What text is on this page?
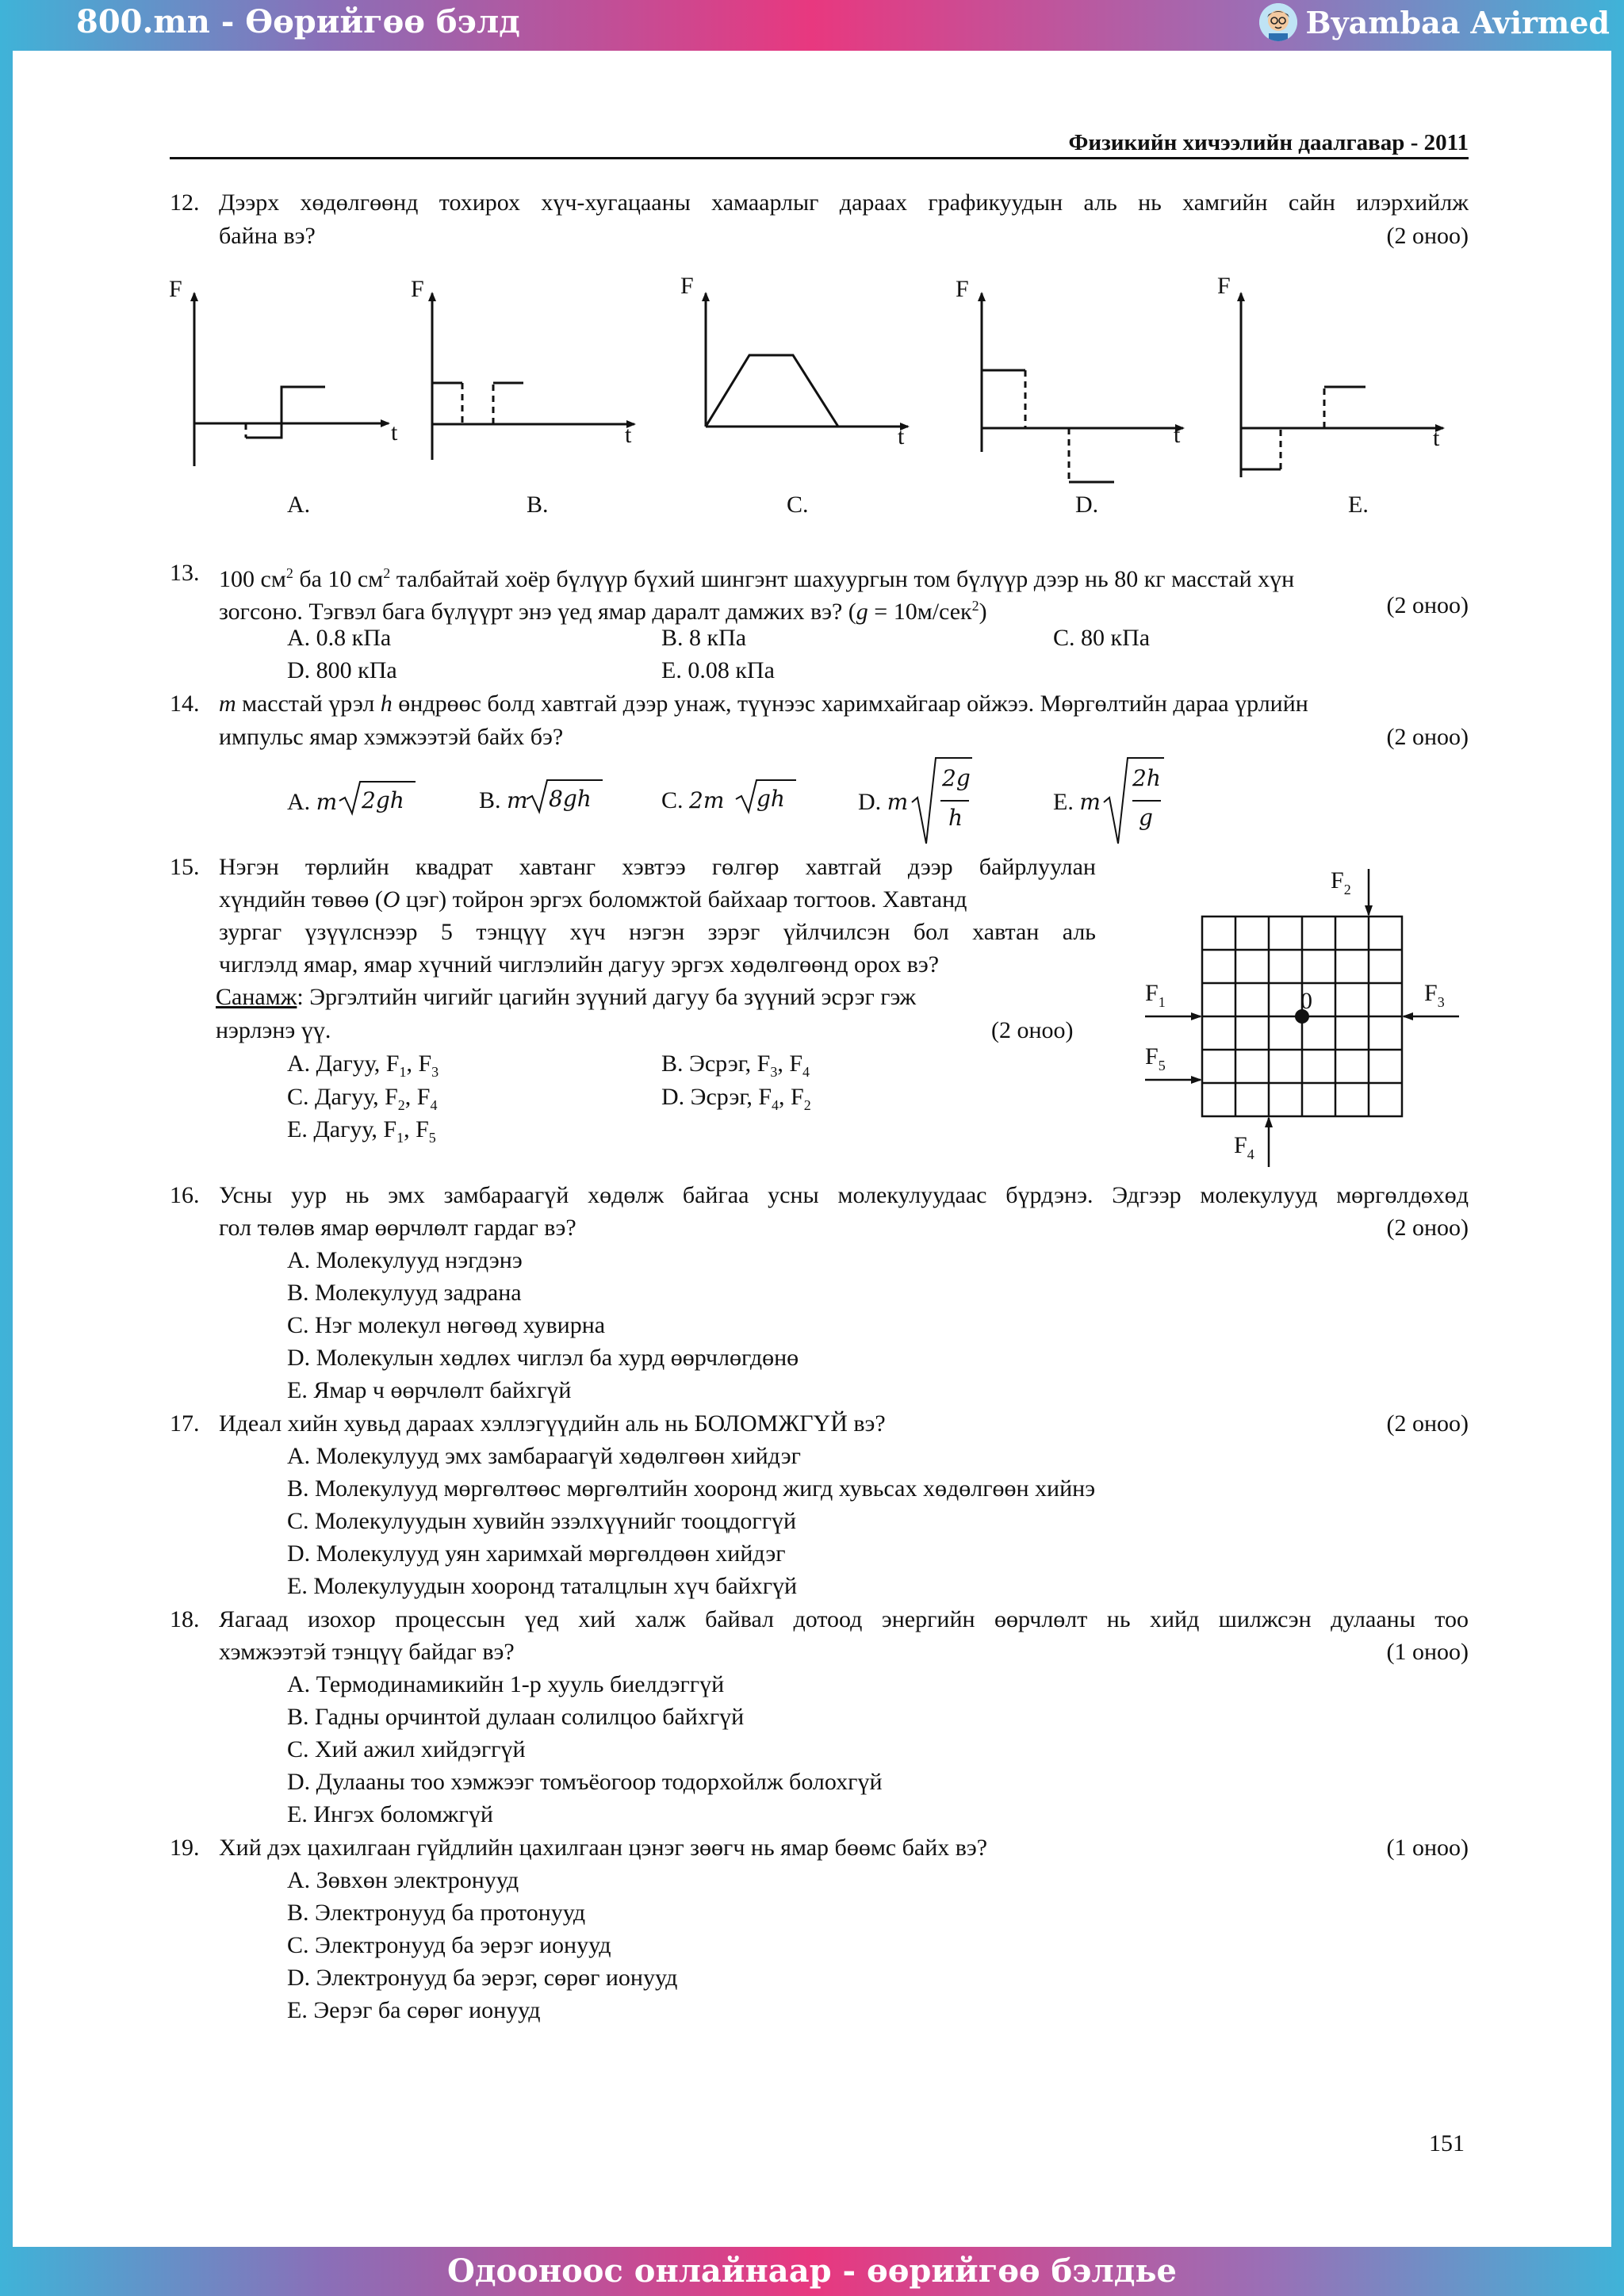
800.mn - Өөрийгөө бэлд	Byambaa Avirmed
Физикийн хичээлийн даалгавар - 2011
12. Дээрх хөдөлгөөнд тохирох хүч-хугацааны хамаарлыг дараах графикуудын аль нь хамгийн сайн илэрхийлж
байна вэ?	(2 оноо)
F
t
F
t
F
t
F
t
F
t
A.	B.	C.	D.	E.
13. 100 $см^2$ ба 10 $см^2$ талбайтай хоёр бүлүүр бүхий шингэнт шахуургын том бүлүүр дээр нь 80 кг масстай хүн
зогсоно. Тэгвэл бага бүлүүрт энэ үед ямар даралт дамжих вэ? (g = 10м/сек$^2$)	(2 оноо)
A. 0.8 кПа	B. 8 кПа	C. 80 кПа
D. 800 кПа	E. 0.08 кПа
14. m масстай үрэл h өндрөөс болд хавтгай дээр унаж, түүнээс харимхайгаар ойжээ. Мөргөлтийн дараа үрлийн
импульс ямар хэмжээтэй байх бэ?	(2 оноо)
A. m 2gh	B. m 8gh	C. 2m gh	D. m
2g
h
E. m
2h
g
15. Нэгэн төрлийн квадрат хавтанг хэвтээ гөлгөр хавтгай дээр байрлуулан
хүндийн төвөө (O цэг) тойрон эргэх боломжтой байхаар тогтоов. Хавтанд
зургаг үзүүлснээр 5 тэнцүү хүч нэгэн зэрэг үйлчилсэн бол хавтан аль
чиглэлд ямар, ямар хүчний чиглэлийн дагуу эргэх хөдөлгөөнд орох вэ?
Санамж: Эргэлтийн чигийг цагийн зүүний дагуу ба зүүний эсрэг гэж
нэрлэнэ үү.	(2 оноо)
A. Дагуу, $F_1$, $F_3$	B. Эсрэг, $F_3$, $F_4$
C. Дагуу, $F_2$, $F_4$	D. Эсрэг, $F_4$, $F_2$
E. Дагуу, $F_1$, $F_5$
$F_2$
$F_1$	$F_3$
$F_5$
$F_4$
0
16. Усны уур нь эмх замбараагүй хөдөлж байгаа усны молекулуудаас бүрдэнэ. Эдгээр молекулууд мөргөлдөхөд
гол төлөв ямар өөрчлөлт гардаг вэ?	(2 оноо)
A. Молекулууд нэгдэнэ
B. Молекулууд задрана
C. Нэг молекул нөгөөд хувирна
D. Молекулын хөдлөх чиглэл ба хурд өөрчлөгдөнө
E. Ямар ч өөрчлөлт байхгүй
17. Идеал хийн хувьд дараах хэллэгүүдийн аль нь БОЛОМЖГҮЙ вэ?	(2 оноо)
A. Молекулууд эмх замбараагүй хөдөлгөөн хийдэг
B. Молекулууд мөргөлтөөс мөргөлтийн хооронд жигд хувьсах хөдөлгөөн хийнэ
C. Молекулуудын хувийн эзэлхүүнийг тооцдоггүй
D. Молекулууд уян харимхай мөргөлдөөн хийдэг
E. Молекулуудын хооронд таталцлын хүч байхгүй
18. Яагаад изохор процессын үед хий халж байвал дотоод энергийн өөрчлөлт нь хийд шилжсэн дулааны тоо
хэмжээтэй тэнцүү байдаг вэ?	(1 оноо)
A. Термодинамикийн 1-р хууль биелдэггүй
B. Гадны орчинтой дулаан солилцоо байхгүй
C. Хий ажил хийдэггүй
D. Дулааны тоо хэмжээг томъёогоор тодорхойлж болохгүй
E. Ингэх боломжгүй
19. Хий дэх цахилгаан гүйдлийн цахилгаан цэнэг зөөгч нь ямар бөөмс байх вэ?	(1 оноо)
A. Зөвхөн электронууд
B. Электронууд ба протонууд
C. Электронууд ба эерэг ионууд
D. Электронууд ба эерэг, сөрөг ионууд
E. Эерэг ба сөрөг ионууд
151
Одооноос онлайнаар - өөрийгөө бэлдье
